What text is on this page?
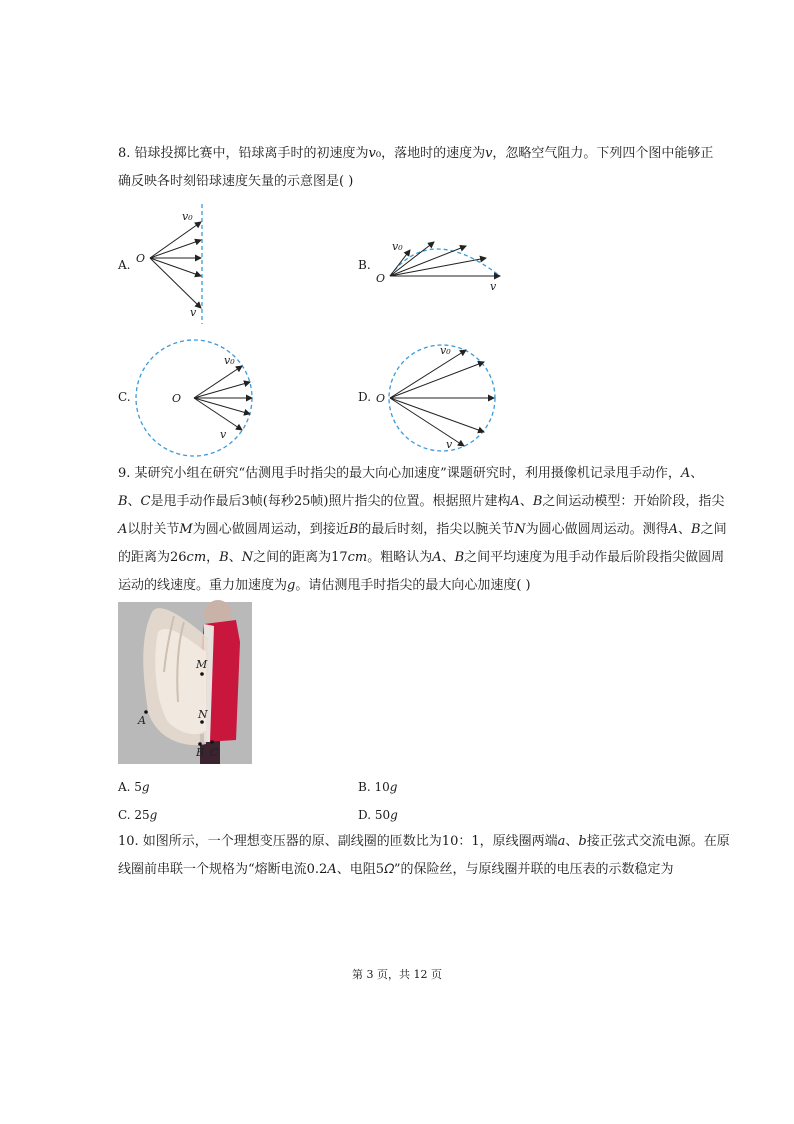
8. 铅球投掷比赛中，铅球离手时的初速度为𝑣₀，落地时的速度为𝑣，忽略空气阻力。下列四个图中能够正
确反映各时刻铅球速度矢量的示意图是( )
A. O
v₀
v
B.
O
v₀
v
C.	O
v₀
v
D. O
v₀
v
9. 某研究小组在研究“估测甩手时指尖的最大向心加速度”课题研究时，利用摄像机记录甩手动作，𝐴、
𝐵、𝐶是甩手动作最后3帧(每秒25帧)照片指尖的位置。根据照片建构𝐴、𝐵之间运动模型：开始阶段，指尖
𝐴以肘关节𝑀为圆心做圆周运动，到接近𝐵的最后时刻，指尖以腕关节𝑁为圆心做圆周运动。测得𝐴、𝐵之间
的距离为26𝑐𝑚，𝐵、𝑁之间的距离为17𝑐𝑚。粗略认为𝐴、𝐵之间平均速度为甩手动作最后阶段指尖做圆周
运动的线速度。重力加速度为𝑔。请估测甩手时指尖的最大向心加速度( )
M
N
A
B C
A. 5𝑔	B. 10𝑔
C. 25𝑔	D. 50𝑔
10. 如图所示，一个理想变压器的原、副线圈的匝数比为10：1，原线圈两端𝑎、𝑏接正弦式交流电源。在原
线圈前串联一个规格为“熔断电流0.2𝐴、电阻5𝛺”的保险丝，与原线圈并联的电压表的示数稳定为
第 3 页，共 12 页
